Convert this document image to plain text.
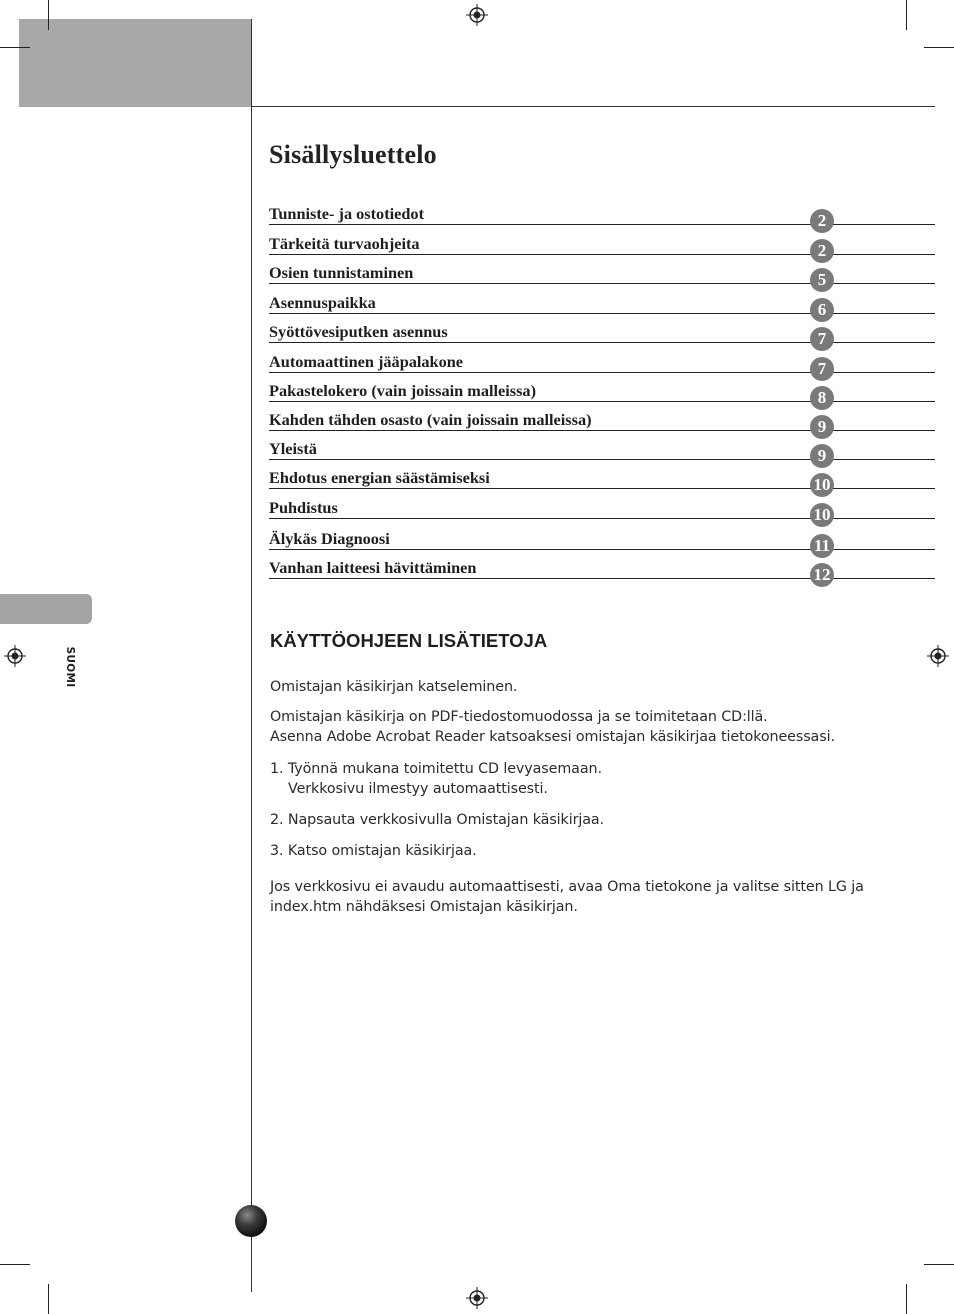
SUOMI
Sisällysluettelo
Tunniste- ja ostotiedot	2
Tärkeitä turvaohjeita	2
Osien tunnistaminen	5
Asennuspaikka	6
Syöttövesiputken asennus	7
Automaattinen jääpalakone	7
Pakastelokero (vain joissain malleissa)	8
Kahden tähden osasto (vain joissain malleissa)	9
Yleistä	9
Ehdotus energian säästämiseksi	10
Puhdistus	10
Älykäs Diagnoosi	11
Vanhan laitteesi hävittäminen	12
KÄYTTÖOHJEEN LISÄTIETOJA

Omistajan käsikirjan katseleminen.

Omistajan käsikirja on PDF-tiedostomuodossa ja se toimitetaan CD:llä.
Asenna Adobe Acrobat Reader katsoaksesi omistajan käsikirjaa tietokoneessasi.

1. Työnnä mukana toimitettu CD levyasemaan.
Verkkosivu ilmestyy automaattisesti.

2. Napsauta verkkosivulla Omistajan käsikirjaa.

3. Katso omistajan käsikirjaa.

Jos verkkosivu ei avaudu automaattisesti, avaa Oma tietokone ja valitse sitten LG ja
index.htm nähdäksesi Omistajan käsikirjan.
